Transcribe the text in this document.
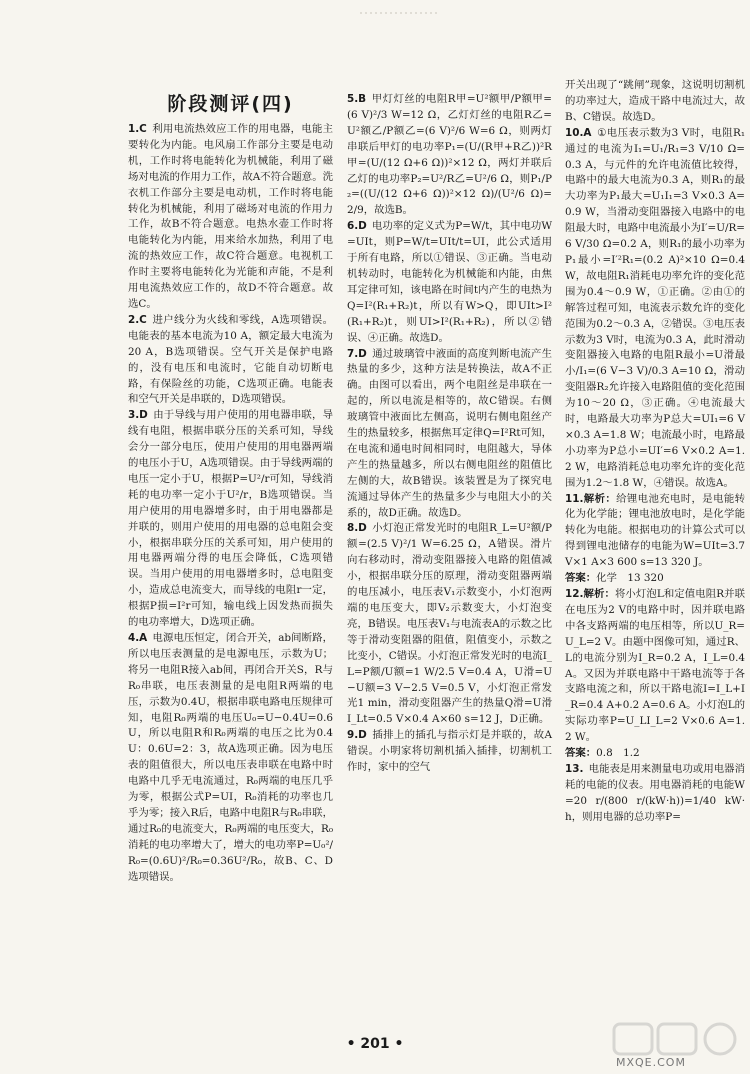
阶段测评(四)
1.C  利用电流热效应工作的用电器，电能主要转化为内能。电风扇工作部分主要是电动机，工作时将电能转化为机械能，利用了磁场对电流的作用力工作，故A不符合题意。洗衣机工作部分主要是电动机，工作时将电能转化为机械能，利用了磁场对电流的作用力工作，故B不符合题意。电热水壶工作时将电能转化为内能，用来给水加热，利用了电流的热效应工作，故C符合题意。电视机工作时主要将电能转化为光能和声能，不是利用电流热效应工作的，故D不符合题意。故选C。
2.C  进户线分为火线和零线，A选项错误。电能表的基本电流为10 A，额定最大电流为20 A，B选项错误。空气开关是保护电路的，没有电压和电流时，它能自动切断电路，有保险丝的功能，C选项正确。电能表和空气开关是串联的，D选项错误。
3.D  由于导线与用户使用的用电器串联，导线有电阻，根据串联分压的关系可知，导线会分一部分电压，使用户使用的用电器两端的电压小于U，A选项错误。由于导线两端的电压一定小于U，根据P=U²/r可知，导线消耗的电功率一定小于U²/r，B选项错误。当用户使用的用电器增多时，由于用电器都是并联的，则用户使用的用电器的总电阻会变小，根据串联分压的关系可知，用户使用的用电器两端分得的电压会降低，C选项错误。当用户使用的用电器增多时，总电阻变小，造成总电流变大，而导线的电阻r一定，根据P损=I²r可知，输电线上因发热而损失的电功率增大，D选项正确。
4.A  电源电压恒定，闭合开关，ab间断路，所以电压表测量的是电源电压，示数为U；将另一电阻R接入ab间，再闭合开关S，R与R₀串联，电压表测量的是电阻R两端的电压，示数为0.4U，根据串联电路电压规律可知，电阻R₀两端的电压U₀=U−0.4U=0.6U，所以电阻R和R₀两端的电压之比为0.4U：0.6U=2：3，故A选项正确。因为电压表的阻值很大，所以电压表串联在电路中时电路中几乎无电流通过，R₀两端的电压几乎为零，根据公式P=UI，R₀消耗的功率也几乎为零；接入R后，电路中电阻R与R₀串联，通过R₀的电流变大，R₀两端的电压变大，R₀消耗的电功率增大了，增大的电功率P=U₀²/R₀=(0.6U)²/R₀=0.36U²/R₀，故B、C、D选项错误。
5.B  甲灯灯丝的电阻R甲=U²额甲/P额甲=(6 V)²/3 W=12 Ω，乙灯灯丝的电阻R乙=U²额乙/P额乙=(6 V)²/6 W=6 Ω，则两灯串联后甲灯的电功率P₁=(U/(R甲+R乙))²R甲=(U/(12 Ω+6 Ω))²×12 Ω，两灯并联后乙灯的电功率P₂=U²/R乙=U²/6 Ω，则P₁/P₂=((U/(12 Ω+6 Ω))²×12 Ω)/(U²/6 Ω)=2/9，故选B。
6.D  电功率的定义式为P=W/t，其中电功W=UIt，则P=W/t=UIt/t=UI，此公式适用于所有电路，所以①错误、③正确。当电动机转动时，电能转化为机械能和内能，由焦耳定律可知，该电路在时间t内产生的电热为Q=I²(R₁+R₂)t，所以有W>Q，即UIt>I²(R₁+R₂)t，则UI>I²(R₁+R₂)，所以②错误、④正确。故选D。
7.D  通过玻璃管中液面的高度判断电流产生热量的多少，这种方法是转换法，故A不正确。由图可以看出，两个电阻丝是串联在一起的，所以电流是相等的，故C错误。右侧玻璃管中液面比左侧高，说明右侧电阻丝产生的热量较多，根据焦耳定律Q=I²Rt可知，在电流和通电时间相同时，电阻越大，导体产生的热量越多，所以右侧电阻丝的阻值比左侧的大，故B错误。该装置是为了探究电流通过导体产生的热量多少与电阻大小的关系的，故D正确。故选D。
8.D  小灯泡正常发光时的电阻R_L=U²额/P额=(2.5 V)²/1 W=6.25 Ω，A错误。滑片向右移动时，滑动变阻器接入电路的阻值减小，根据串联分压的原理，滑动变阻器两端的电压减小，电压表V₁示数变小，小灯泡两端的电压变大，即V₂示数变大，小灯泡变亮，B错误。电压表V₁与电流表A的示数之比等于滑动变阻器的阻值，阻值变小，示数之比变小，C错误。小灯泡正常发光时的电流I_L=P额/U额=1 W/2.5 V=0.4 A，U滑=U−U额=3 V−2.5 V=0.5 V，小灯泡正常发光1 min，滑动变阻器产生的热量Q滑=U滑I_Lt=0.5 V×0.4 A×60 s=12 J，D正确。
9.D  插排上的插孔与指示灯是并联的，故A错误。小明家将切割机插入插排，切割机工作时，家中的空气
开关出现了“跳闸”现象，这说明切割机的功率过大，造成干路中电流过大，故B、C错误。故选D。
10.A  ①电压表示数为3 V时，电阻R₁通过的电流为I₁=U₁/R₁=3 V/10 Ω=0.3 A，与元件的允许电流值比较得，电路中的最大电流为0.3 A，则R₁的最大功率为P₁最大=U₁I₁=3 V×0.3 A=0.9 W，当滑动变阻器接入电路中的电阻最大时，电路中电流最小为I′=U/R=6 V/30 Ω=0.2 A，则R₁的最小功率为P₁最小=I′²R₁=(0.2 A)²×10 Ω=0.4 W，故电阻R₁消耗电功率允许的变化范围为0.4～0.9 W，①正确。②由①的解答过程可知，电流表示数允许的变化范围为0.2～0.3 A，②错误。③电压表示数为3 V时，电流为0.3 A，此时滑动变阻器接入电路的电阻R最小=U滑最小/I₁=(6 V−3 V)/0.3 A=10 Ω，滑动变阻器R₂允许接入电路阻值的变化范围为10～20 Ω，③正确。④电流最大时，电路最大功率为P总大=UI₁=6 V×0.3 A=1.8 W；电流最小时，电路最小功率为P总小=UI′=6 V×0.2 A=1.2 W，电路消耗总电功率允许的变化范围为1.2～1.8 W，④错误。故选A。
11.解析：给锂电池充电时，是电能转化为化学能；锂电池放电时，是化学能转化为电能。根据电功的计算公式可以得到锂电池储存的电能为W=UIt=3.7 V×1 A×3 600 s=13 320 J。
答案：化学　13 320
12.解析：将小灯泡L和定值电阻R并联在电压为2 V的电路中时，因并联电路中各支路两端的电压相等，所以U_R=U_L=2 V。由题中图像可知，通过R、L的电流分别为I_R=0.2 A，I_L=0.4 A。又因为并联电路中干路电流等于各支路电流之和，所以干路电流I=I_L+I_R=0.4 A+0.2 A=0.6 A。小灯泡L的实际功率P=U_LI_L=2 V×0.6 A=1.2 W。
答案：0.8　1.2
13.  电能表是用来测量电功或用电器消耗的电能的仪表。用电器消耗的电能W=20 r/(800 r/(kW·h))=1/40 kW·h，则用电器的总功率P=
• 201 •
MXQE.COM
